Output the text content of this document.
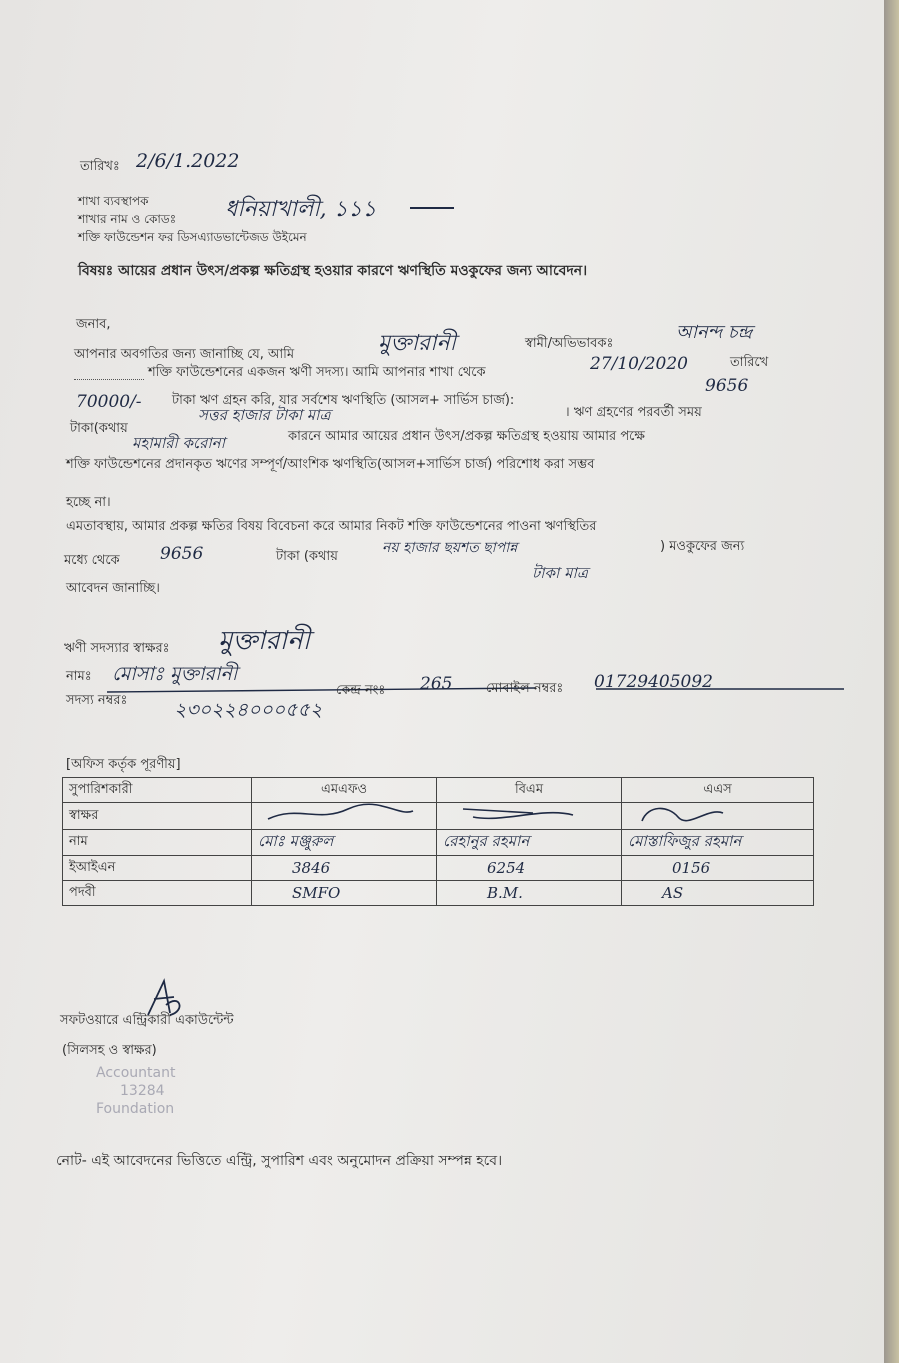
তারিখঃ 2/6/1.2022
শাখা ব্যবস্থাপক
শাখার নাম ও কোডঃ ধনিয়াখালী, ১১১
শক্তি ফাউন্ডেশন ফর ডিসএ্যাডভান্টেজড উইমেন
বিষয়ঃ আয়ের প্রধান উৎস/প্রকল্প ক্ষতিগ্রস্থ হওয়ার কারণে ঋণস্থিতি মওকুফের জন্য আবেদন।
জনাব,
আপনার অবগতির জন্য জানাচ্ছি যে, আমি	মুক্তারানী	স্বামী/অভিভাবকঃ
আনন্দ চন্দ্র
শক্তি ফাউন্ডেশনের একজন ঋণী সদস্য। আমি আপনার শাখা থেকে	27/10/2020	তারিখে
70000/- টাকা ঋণ গ্রহন করি, যার সর্বশেষ ঋণস্থিতি (আসল+ সার্ভিস চার্জ):
9656
টাকা(কথায়
সত্তর হাজার টাকা মাত্র	। ঋণ গ্রহণের পরবর্তী সময়
মহামারী করোনা	কারনে আমার আয়ের প্রধান উৎস/প্রকল্প ক্ষতিগ্রস্থ হওয়ায় আমার পক্ষে
শক্তি ফাউন্ডেশনের প্রদানকৃত ঋণের সম্পূর্ণ/আংশিক ঋণস্থিতি(আসল+সার্ভিস চার্জ) পরিশোধ করা সম্ভব
হচ্ছে না।
এমতাবস্থায়, আমার প্রকল্প ক্ষতির বিষয় বিবেচনা করে আমার নিকট শক্তি ফাউন্ডেশনের পাওনা ঋণস্থিতির
মধ্যে থেকে 9656	টাকা (কথায়
নয় হাজার ছয়শত ছাপান্ন	) মওকুফের জন্য
টাকা মাত্র
আবেদন জানাচ্ছি।
ঋণী সদস্যার স্বাক্ষরঃ মুক্তারানী
নামঃ মোসাঃ মুক্তারানী
সদস্য নম্বরঃ ২৩০২২৪০০০৫৫২
কেন্দ্র নংঃ 265	মোবাইল নম্বরঃ 01729405092
[অফিস কর্তৃক পূরণীয়]
সুপারিশকারী	এমএফও	বিএম	এএস
স্বাক্ষর			
নাম	মোঃ মঞ্জুরুল	রেহানুর রহমান	মোস্তাফিজুর রহমান
ইআইএন	3846	6254	0156
পদবী	SMFO	B.M.	AS
সফটওয়ারে এন্ট্রিকারী একাউন্টেন্ট
(সিলসহ ও স্বাক্ষর)
Accountant
13284
Foundation
নোট- এই আবেদনের ভিত্তিতে এন্ট্রি, সুপারিশ এবং অনুমোদন প্রক্রিয়া সম্পন্ন হবে।
